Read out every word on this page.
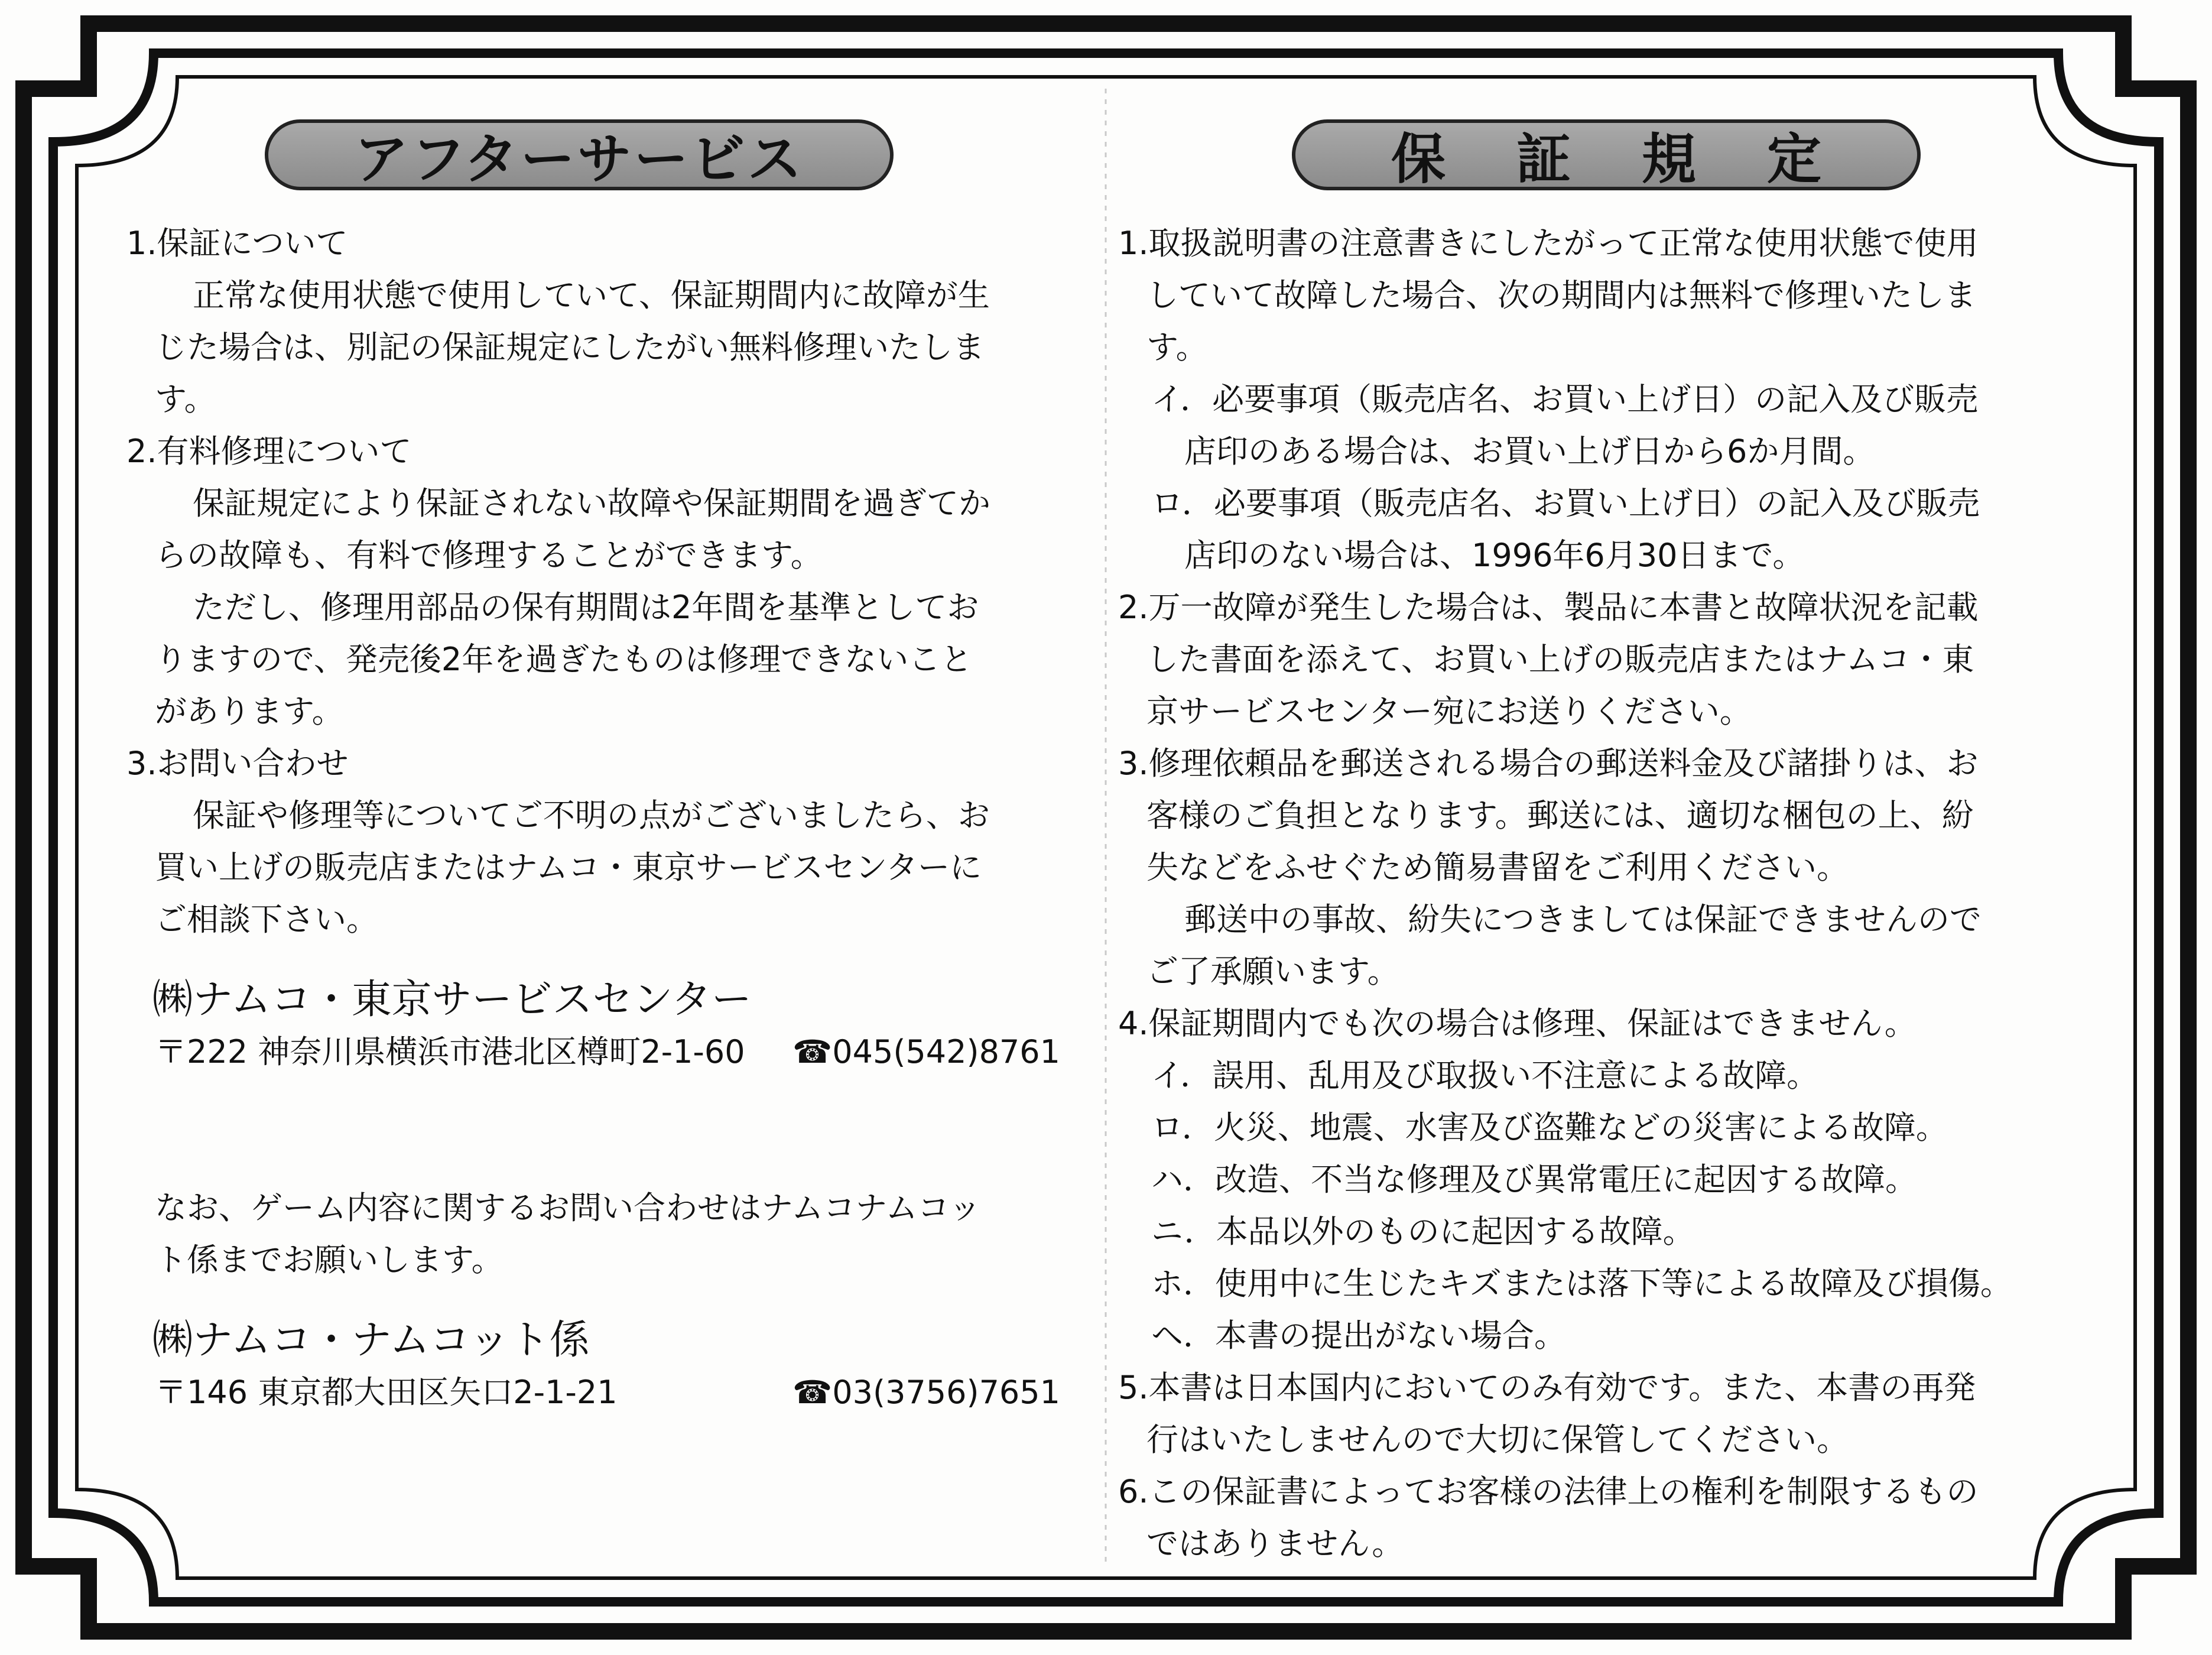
アフターサービス	保証規定
1.保証について
正常な使用状態で使用していて、保証期間内に故障が生
じた場合は、別記の保証規定にしたがい無料修理いたしま
す。
2.有料修理について
保証規定により保証されない故障や保証期間を過ぎてか
らの故障も、有料で修理することができます。
ただし、修理用部品の保有期間は2年間を基準としてお
りますので、発売後2年を過ぎたものは修理できないこと
があります。
3.お問い合わせ
保証や修理等についてご不明の点がございましたら、お
買い上げの販売店またはナムコ・東京サービスセンターに
ご相談下さい。
㈱ナムコ・東京サービスセンター
〒222 神奈川県横浜市港北区樽町2-1-60 ☎045(542)8761
なお、ゲーム内容に関するお問い合わせはナムコナムコッ
ト係までお願いします。
㈱ナムコ・ナムコット係
〒146 東京都大田区矢口2-1-21	☎03(3756)7651
1.取扱説明書の注意書きにしたがって正常な使用状態で使用
していて故障した場合、次の期間内は無料で修理いたしま
す。
イ．必要事項（販売店名、お買い上げ日）の記入及び販売
店印のある場合は、お買い上げ日から6か月間。
ロ．必要事項（販売店名、お買い上げ日）の記入及び販売
店印のない場合は、1996年6月30日まで。
2.万一故障が発生した場合は、製品に本書と故障状況を記載
した書面を添えて、お買い上げの販売店またはナムコ・東
京サービスセンター宛にお送りください。
3.修理依頼品を郵送される場合の郵送料金及び諸掛りは、お
客様のご負担となります。郵送には、適切な梱包の上、紛
失などをふせぐため簡易書留をご利用ください。
郵送中の事故、紛失につきましては保証できませんので
ご了承願います。
4.保証期間内でも次の場合は修理、保証はできません。
イ．誤用、乱用及び取扱い不注意による故障。
ロ．火災、地震、水害及び盗難などの災害による故障。
ハ．改造、不当な修理及び異常電圧に起因する故障。
ニ．本品以外のものに起因する故障。
ホ．使用中に生じたキズまたは落下等による故障及び損傷。
ヘ．本書の提出がない場合。
5.本書は日本国内においてのみ有効です。また、本書の再発
行はいたしませんので大切に保管してください。
6.この保証書によってお客様の法律上の権利を制限するもの
ではありません。
